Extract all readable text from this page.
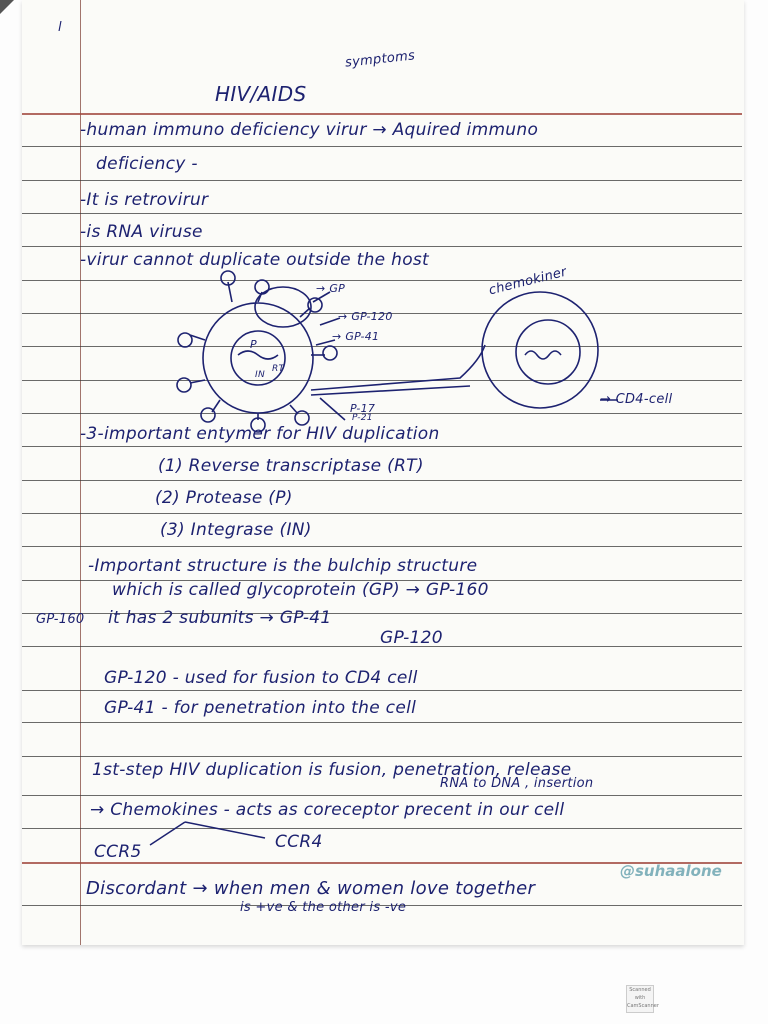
l
symptoms
HIV/AIDS
-human immuno deficiency virur → Aquired immuno
deficiency -
-It is retrovirur
-is RNA viruse
-virur cannot duplicate outside the host
→ GP
→ GP-120
→ GP-41
P-17
P-21
P
IN
RT
chemokiner
→ CD4-cell
-3-important entymer for HIV duplication
(1) Reverse transcriptase (RT)
(2) Protease (P)
(3) Integrase (IN)
-Important structure is the bulchip structure
which is called glycoprotein (GP) → GP-160
GP-160 it has 2 subunits → GP-41
GP-120
GP-120 - used for fusion to CD4 cell
GP-41 - for penetration into the cell
1st-step HIV duplication is fusion, penetration, release
RNA to DNA , insertion
→ Chemokines - acts as coreceptor precent in our cell
CCR5	CCR4
@suhaalone
Discordant → when men & women love together
is +ve & the other is -ve
Scanned with CamScanner
